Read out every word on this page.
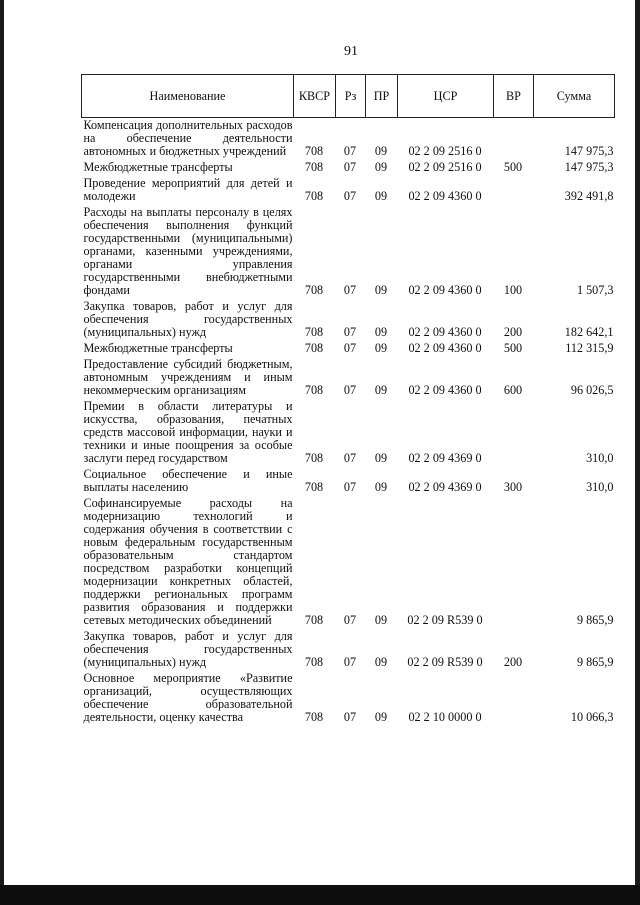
91
Наименование	КВСР	Рз	ПР	ЦСР	ВР	Сумма
Компенсация дополнительных расходов на обеспечение деятельности автономных и бюджетных учреждений	708	07	09	02 2 09 2516 0		147 975,3
Межбюджетные трансферты	708	07	09	02 2 09 2516 0	500	147 975,3
Проведение мероприятий для детей и молодежи	708	07	09	02 2 09 4360 0		392 491,8
Расходы на выплаты персоналу в целях обеспечения выполнения функций государственными (муниципальными) органами, казенными учреждениями, органами управления государственными внебюджетными фондами	708	07	09	02 2 09 4360 0	100	1 507,3
Закупка товаров, работ и услуг для обеспечения государственных (муниципальных) нужд	708	07	09	02 2 09 4360 0	200	182 642,1
Межбюджетные трансферты	708	07	09	02 2 09 4360 0	500	112 315,9
Предоставление субсидий бюджетным, автономным учреждениям и иным некоммерческим организациям	708	07	09	02 2 09 4360 0	600	96 026,5
Премии в области литературы и искусства, образования, печатных средств массовой информации, науки и техники и иные поощрения за особые заслуги перед государством	708	07	09	02 2 09 4369 0		310,0
Социальное обеспечение и иные выплаты населению	708	07	09	02 2 09 4369 0	300	310,0
Софинансируемые расходы на модернизацию технологий и содержания обучения в соответствии с новым федеральным государственным образовательным стандартом посредством разработки концепций модернизации конкретных областей, поддержки региональных программ развития образования и поддержки сетевых методических объединений	708	07	09	02 2 09 R539 0		9 865,9
Закупка товаров, работ и услуг для обеспечения государственных (муниципальных) нужд	708	07	09	02 2 09 R539 0	200	9 865,9
Основное мероприятие «Развитие организаций, осуществляющих обеспечение образовательной деятельности, оценку качества	708	07	09	02 2 10 0000 0		10 066,3
